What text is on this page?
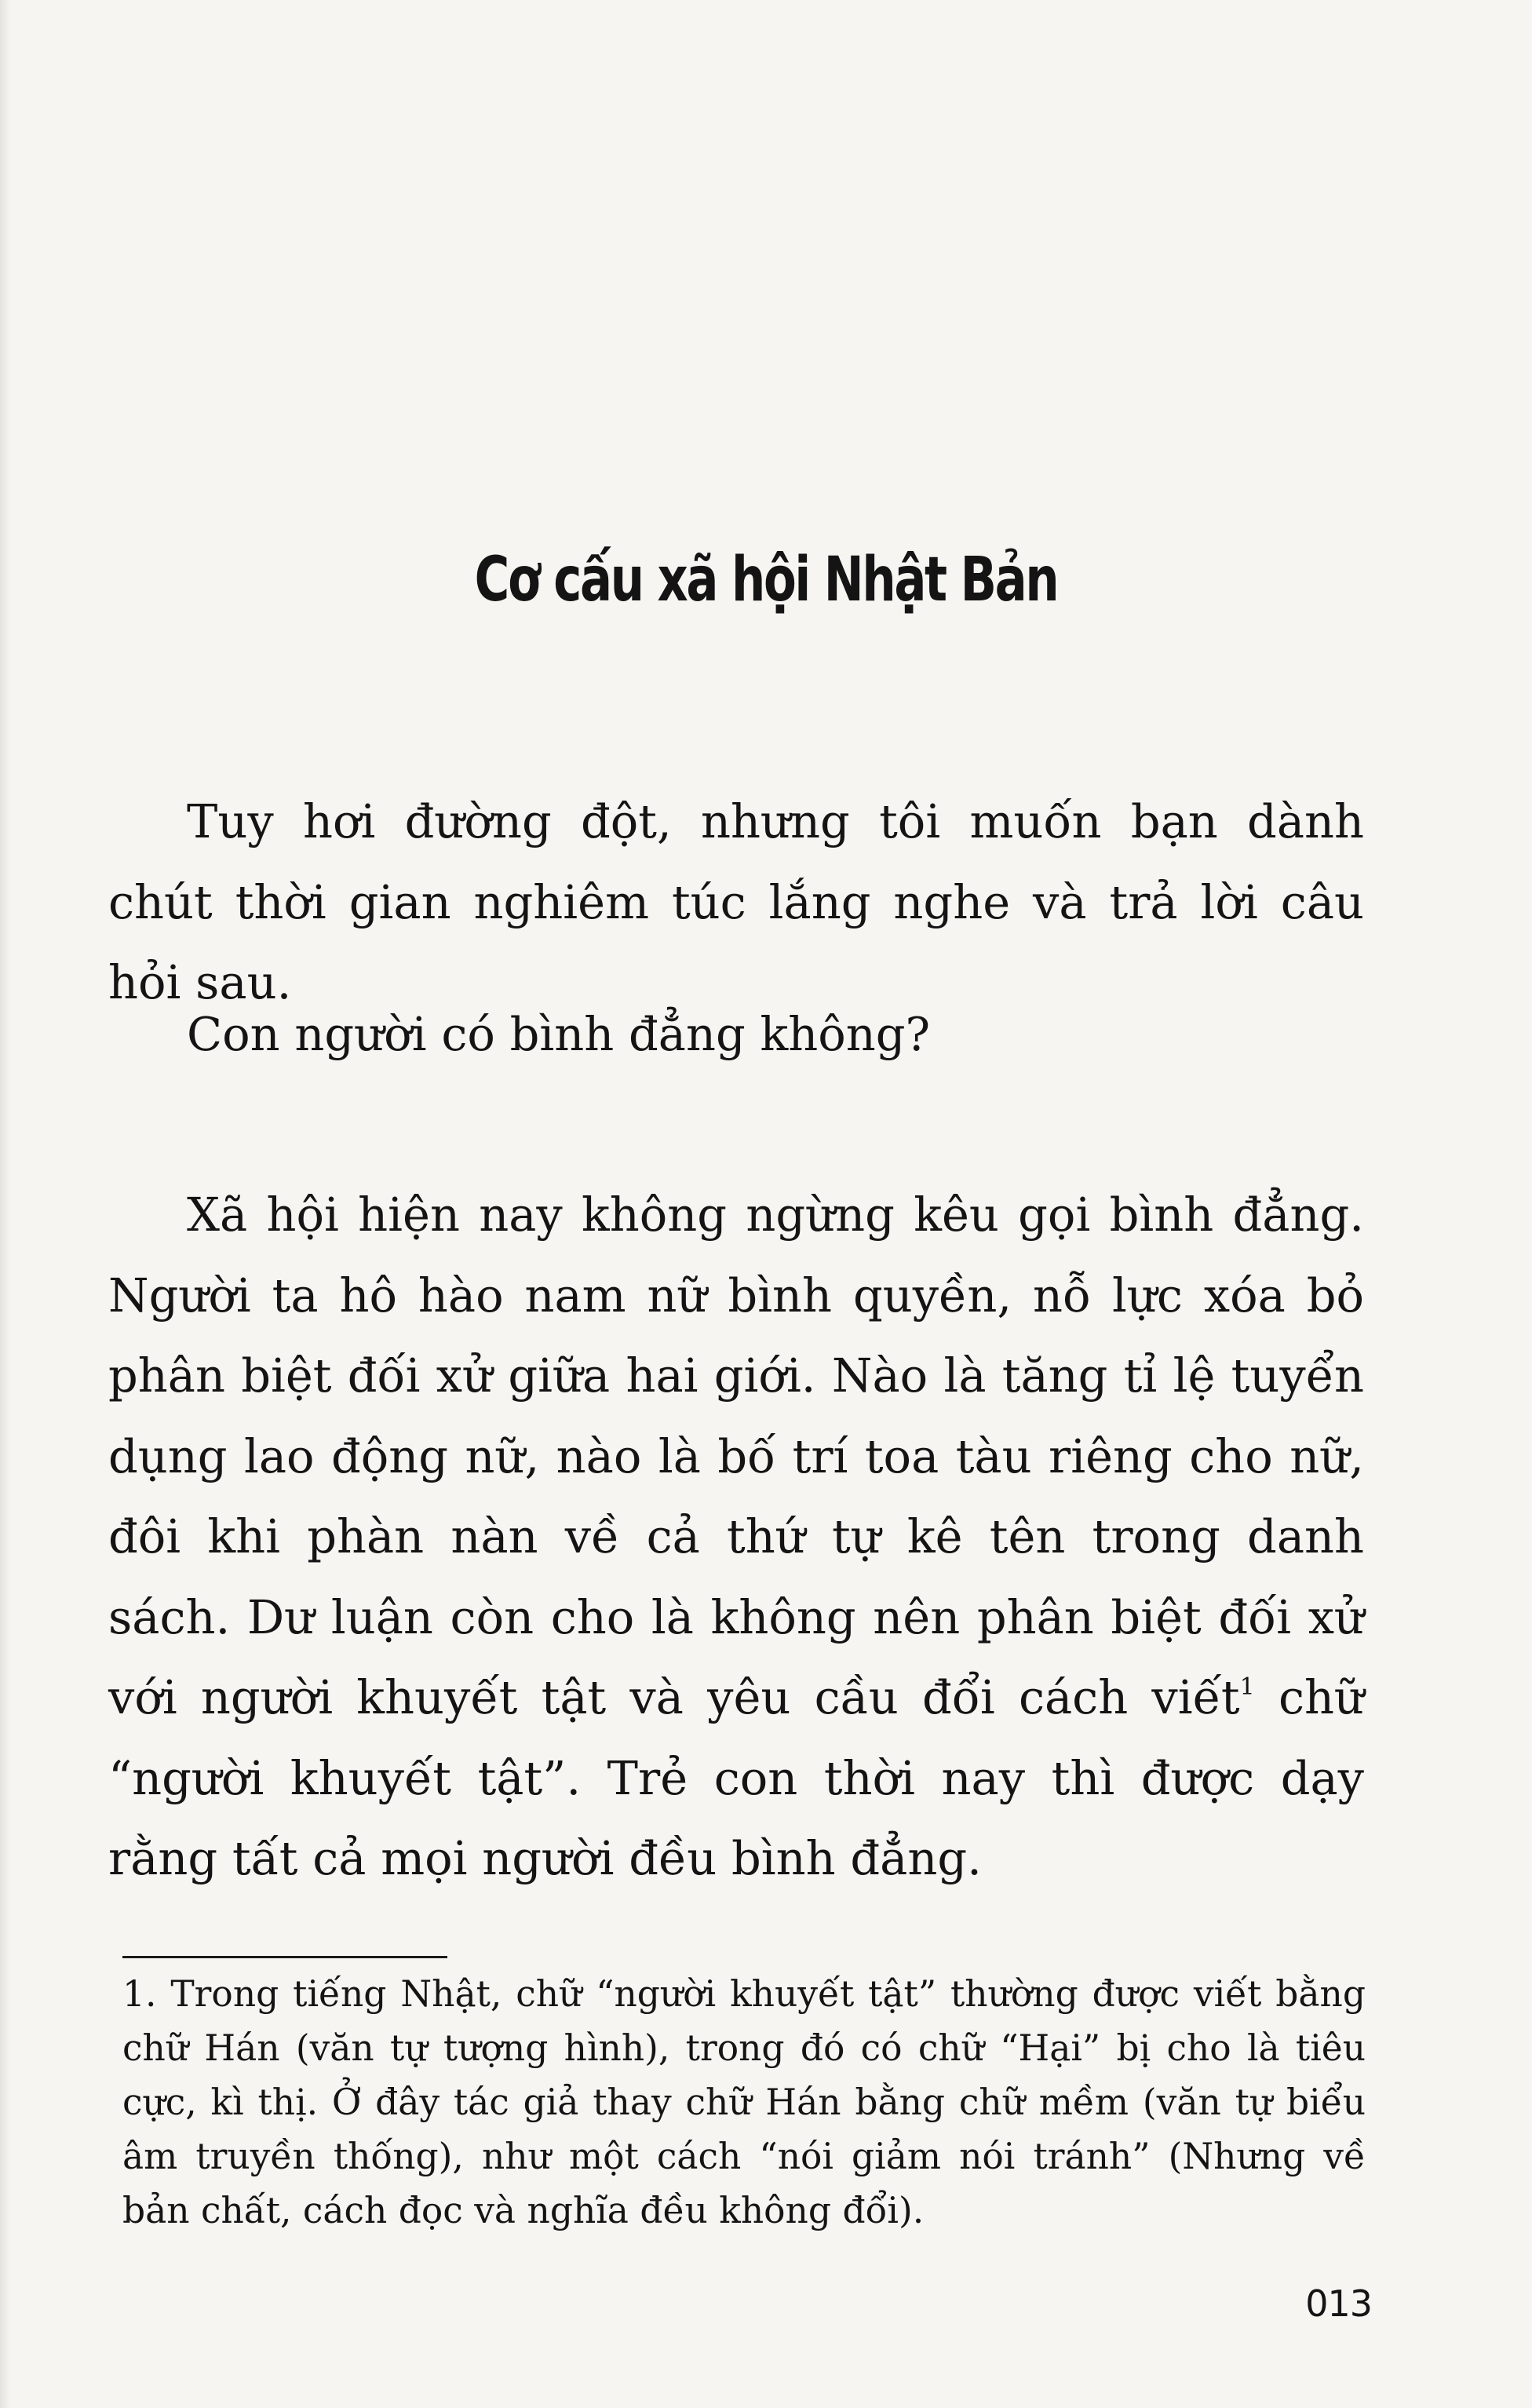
Cơ cấu xã hội Nhật Bản

Tuy hơi đường đột, nhưng tôi muốn bạn dành chút thời gian nghiêm túc lắng nghe và trả lời câu hỏi sau.

Con người có bình đẳng không?

Xã hội hiện nay không ngừng kêu gọi bình đẳng. Người ta hô hào nam nữ bình quyền, nỗ lực xóa bỏ phân biệt đối xử giữa hai giới. Nào là tăng tỉ lệ tuyển dụng lao động nữ, nào là bố trí toa tàu riêng cho nữ, đôi khi phàn nàn về cả thứ tự kê tên trong danh sách. Dư luận còn cho là không nên phân biệt đối xử với người khuyết tật và yêu cầu đổi cách viết$^1$ chữ “người khuyết tật”. Trẻ con thời nay thì được dạy rằng tất cả mọi người đều bình đẳng.

1. Trong tiếng Nhật, chữ “người khuyết tật” thường được viết bằng chữ Hán (văn tự tượng hình), trong đó có chữ “Hại” bị cho là tiêu cực, kì thị. Ở đây tác giả thay chữ Hán bằng chữ mềm (văn tự biểu âm truyền thống), như một cách “nói giảm nói tránh” (Nhưng về bản chất, cách đọc và nghĩa đều không đổi).

013
